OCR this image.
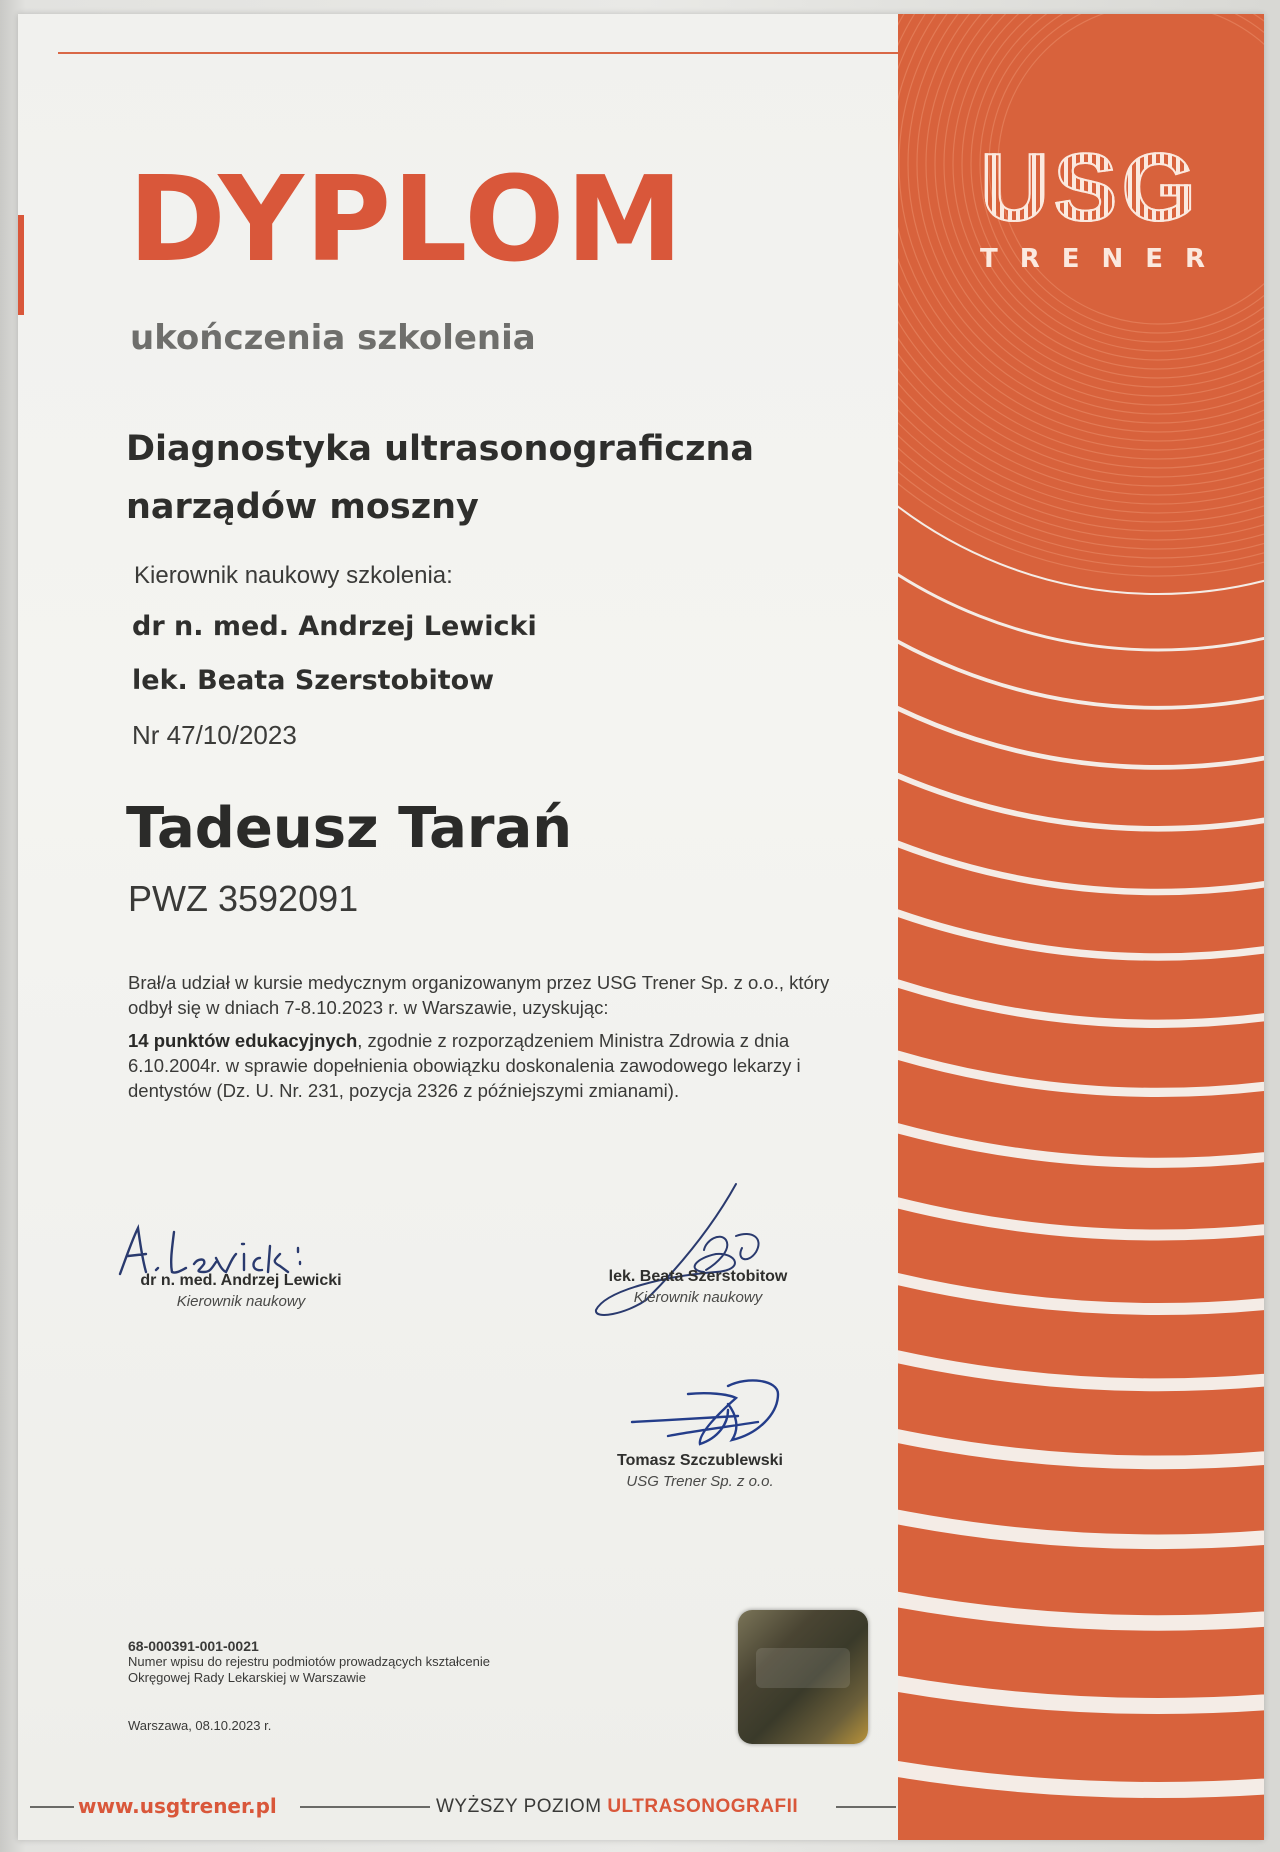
USG
TRENER
DYPLOM
ukończenia szkolenia
Diagnostyka ultrasonograficzna
narządów moszny
Kierownik naukowy szkolenia:
dr n. med. Andrzej Lewicki
lek. Beata Szerstobitow
Nr 47/10/2023
Tadeusz Tarań
PWZ 3592091

Brał/a udział w kursie medycznym organizowanym przez USG Trener Sp. z o.o., który odbył się w dniach 7-8.10.2023 r. w Warszawie, uzyskując:

14 punktów edukacyjnych, zgodnie z rozporządzeniem Ministra Zdrowia z dnia 6.10.2004r. w sprawie dopełnienia obowiązku doskonalenia zawodowego lekarzy i dentystów (Dz. U. Nr. 231, pozycja 2326 z późniejszymi zmianami).

dr n. med. Andrzej Lewicki
Kierownik naukowy
lek. Beata Szerstobitow
Kierownik naukowy
Tomasz Szczublewski
USG Trener Sp. z o.o.
68-000391-001-0021
Numer wpisu do rejestru podmiotów prowadzących kształcenie Okręgowej Rady Lekarskiej w Warszawie
Warszawa, 08.10.2023 r.
www.usgtrener.pl	WYŻSZY POZIOM ULTRASONOGRAFII
